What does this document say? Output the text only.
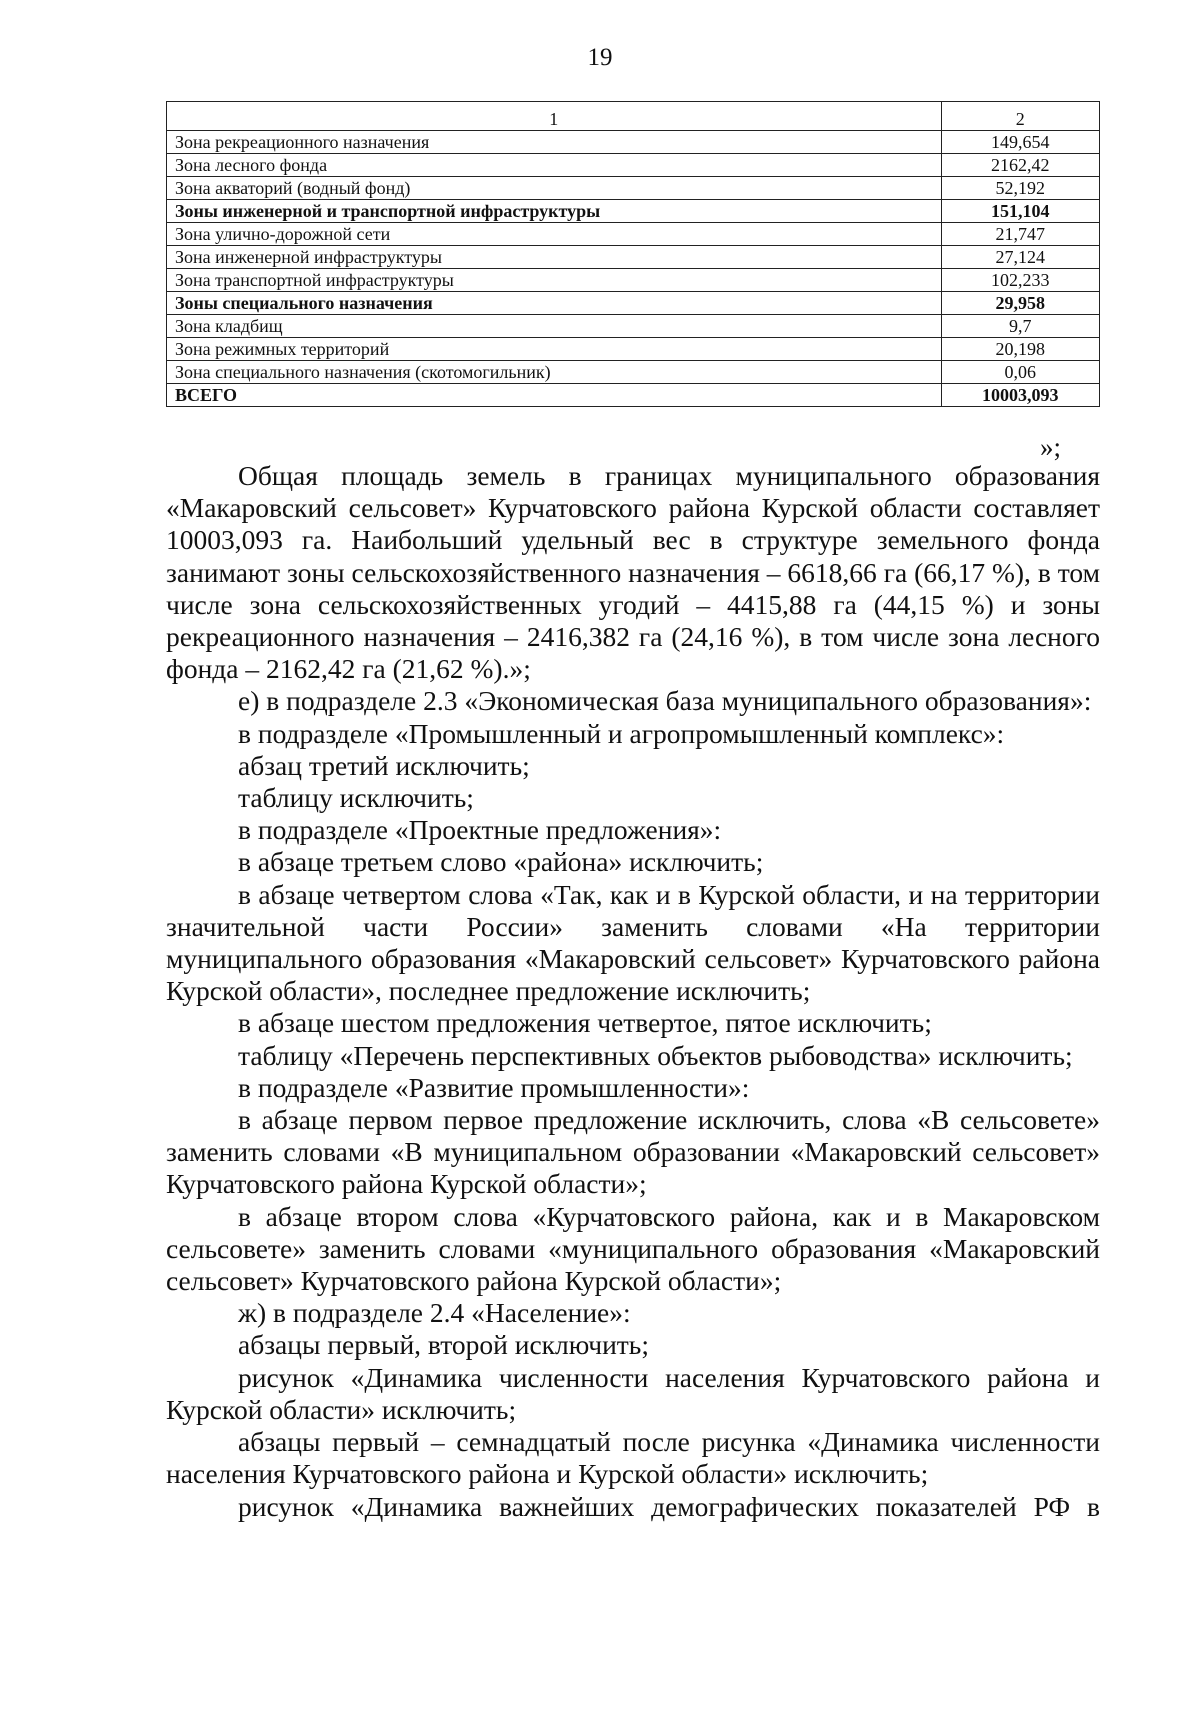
19
1	2
Зона рекреационного назначения	149,654
Зона лесного фонда	2162,42
Зона акваторий (водный фонд)	52,192
Зоны инженерной и транспортной инфраструктуры	151,104
Зона улично-дорожной сети	21,747
Зона инженерной инфраструктуры	27,124
Зона транспортной инфраструктуры	102,233
Зоны специального назначения	29,958
Зона кладбищ	9,7
Зона режимных территорий	20,198
Зона специального назначения (скотомогильник)	0,06
ВСЕГО	10003,093
»;

Общая площадь земель в границах муниципального образования «Макаровский сельсовет» Курчатовского района Курской области составляет 10003,093 га. Наибольший удельный вес в структуре земельного фонда занимают зоны сельскохозяйственного назначения – 6618,66 га (66,17 %), в том числе зона сельскохозяйственных угодий – 4415,88 га (44,15 %) и зоны рекреационного назначения – 2416,382 га (24,16 %), в том числе зона лесного фонда – 2162,42 га (21,62 %).»;

е) в подразделе 2.3 «Экономическая база муниципального образования»:

в подразделе «Промышленный и агропромышленный комплекс»:

абзац третий исключить;

таблицу исключить;

в подразделе «Проектные предложения»:

в абзаце третьем слово «района» исключить;

в абзаце четвертом слова «Так, как и в Курской области, и на территории значительной части России» заменить словами «На территории муниципального образования «Макаровский сельсовет» Курчатовского района Курской области», последнее предложение исключить;

в абзаце шестом предложения четвертое, пятое исключить;

таблицу «Перечень перспективных объектов рыбоводства» исключить;

в подразделе «Развитие промышленности»:

в абзаце первом первое предложение исключить, слова «В сельсовете» заменить словами «В муниципальном образовании «Макаровский сельсовет» Курчатовского района Курской области»;

в абзаце втором слова «Курчатовского района, как и в Макаровском сельсовете» заменить словами «муниципального образования «Макаровский сельсовет» Курчатовского района Курской области»;

ж) в подразделе 2.4 «Население»:

абзацы первый, второй исключить;

рисунок «Динамика численности населения Курчатовского района и Курской области» исключить;

абзацы первый – семнадцатый после рисунка «Динамика численности населения Курчатовского района и Курской области» исключить;

рисунок «Динамика важнейших демографических показателей РФ в
